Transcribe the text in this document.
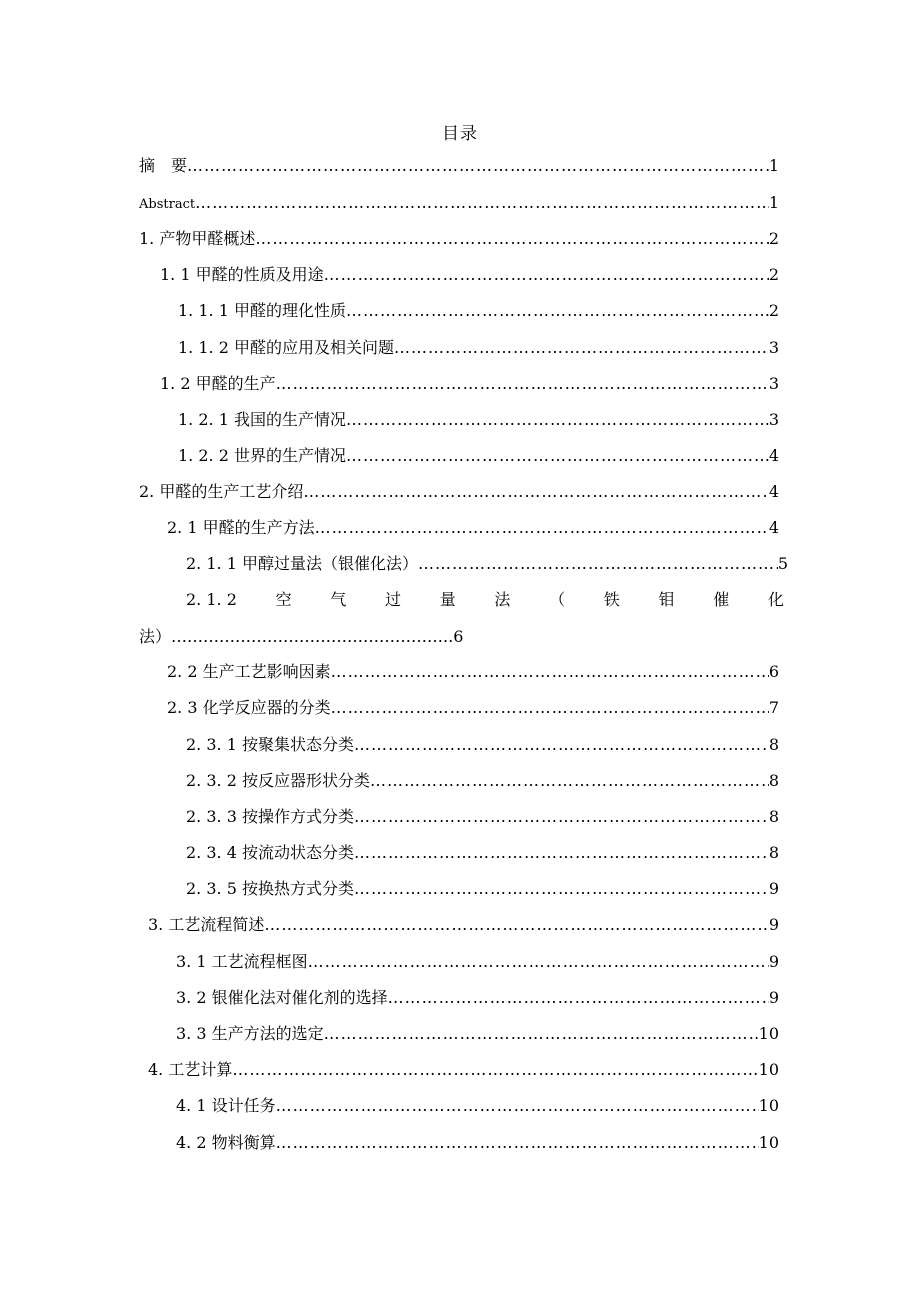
目录
摘　要 ……………………………………………………………………………………………………………………………………………………………………………………………………	1
Abstract ……………………………………………………………………………………………………………………………………………………………………………………………………	1
1. 产物甲醛概述 ……………………………………………………………………………………………………………………………………………………………………………………………………	2
1. 1 甲醛的性质及用途 ……………………………………………………………………………………………………………………………………………………………………………………………………	2
1. 1. 1 甲醛的理化性质 ……………………………………………………………………………………………………………………………………………………………………………………………………	2
1. 1. 2 甲醛的应用及相关问题 ……………………………………………………………………………………………………………………………………………………………………………………………………	3
1. 2 甲醛的生产 ……………………………………………………………………………………………………………………………………………………………………………………………………	3
1. 2. 1 我国的生产情况 ……………………………………………………………………………………………………………………………………………………………………………………………………	3
1. 2. 2 世界的生产情况 ……………………………………………………………………………………………………………………………………………………………………………………………………	4
2. 甲醛的生产工艺介绍 ……………………………………………………………………………………………………………………………………………………………………………………………………	4
2. 1 甲醛的生产方法 ……………………………………………………………………………………………………………………………………………………………………………………………………	4
2. 1. 1 甲醇过量法（银催化法） ……………………………………………………………………………………………………………………………………………………………………………………………………	5
2. 1. 2 空 气 过 量 法 （ 铁 钼 催 化
法）……………………………………………..6
2. 2 生产工艺影响因素 ……………………………………………………………………………………………………………………………………………………………………………………………………	6
2. 3 化学反应器的分类 ……………………………………………………………………………………………………………………………………………………………………………………………………	7
2. 3. 1 按聚集状态分类 ……………………………………………………………………………………………………………………………………………………………………………………………………	8
2. 3. 2 按反应器形状分类 ……………………………………………………………………………………………………………………………………………………………………………………………………	8
2. 3. 3 按操作方式分类 ……………………………………………………………………………………………………………………………………………………………………………………………………	8
2. 3. 4 按流动状态分类 ……………………………………………………………………………………………………………………………………………………………………………………………………	8
2. 3. 5 按换热方式分类 ……………………………………………………………………………………………………………………………………………………………………………………………………	9
3. 工艺流程简述 ……………………………………………………………………………………………………………………………………………………………………………………………………	9
3. 1 工艺流程框图 ……………………………………………………………………………………………………………………………………………………………………………………………………	9
3. 2 银催化法对催化剂的选择 ……………………………………………………………………………………………………………………………………………………………………………………………………	9
3. 3 生产方法的选定 ……………………………………………………………………………………………………………………………………………………………………………………………………	10
4. 工艺计算 ……………………………………………………………………………………………………………………………………………………………………………………………………	10
4. 1 设计任务 ……………………………………………………………………………………………………………………………………………………………………………………………………	10
4. 2 物料衡算 ……………………………………………………………………………………………………………………………………………………………………………………………………	10
